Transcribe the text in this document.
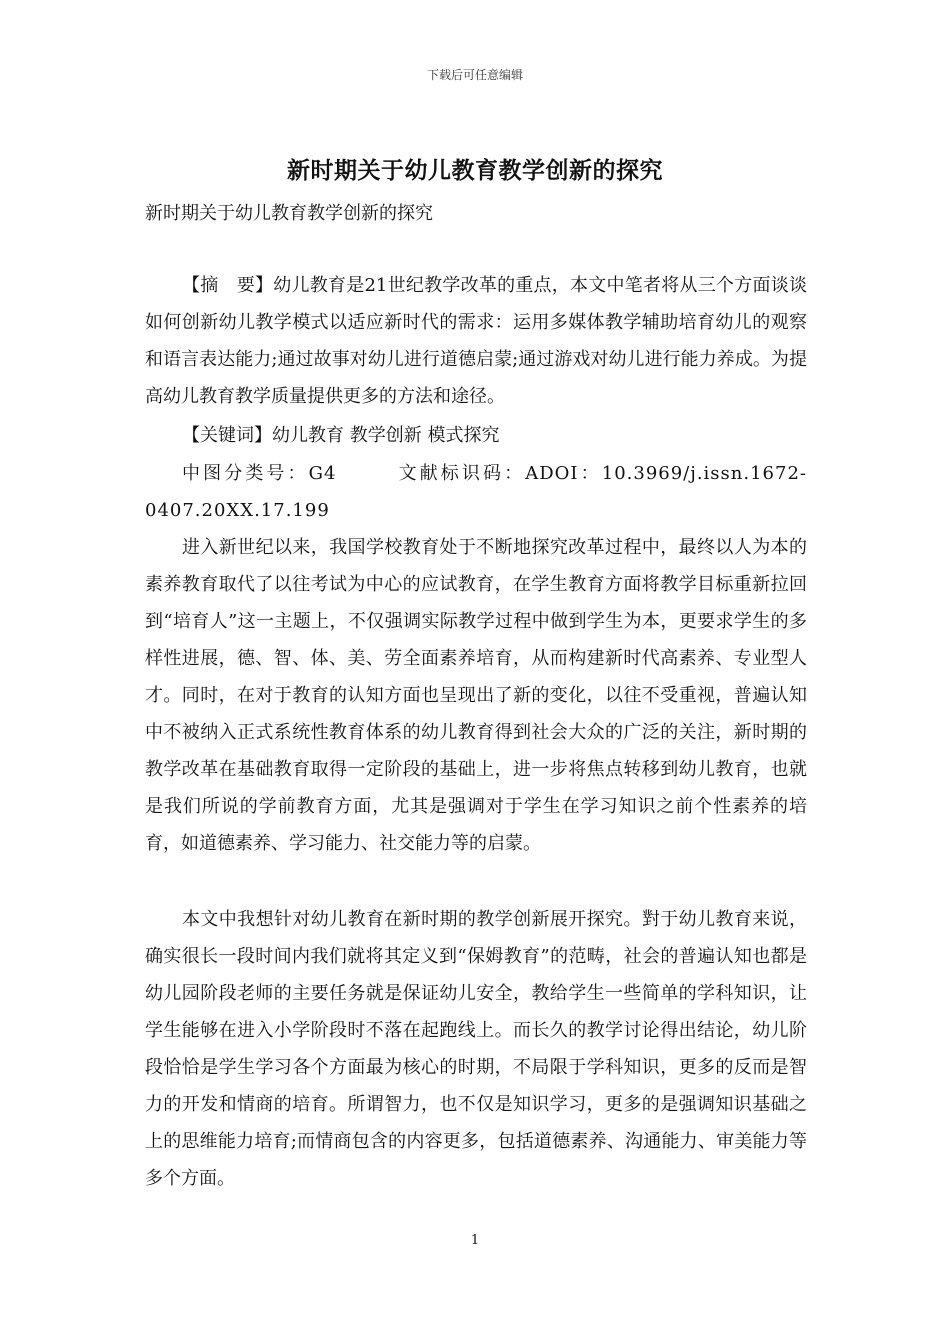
下载后可任意编辑
新时期关于幼儿教育教学创新的探究
新时期关于幼儿教育教学创新的探究

【摘　要】幼儿教育是21世纪教学改革的重点，本文中笔者将从三个方面谈谈如何创新幼儿教学模式以适应新时代的需求：运用多媒体教学辅助培育幼儿的观察和语言表达能力;通过故事对幼儿进行道德启蒙;通过游戏对幼儿进行能力养成。为提高幼儿教育教学质量提供更多的方法和途径。

【关键词】幼儿教育 教学创新 模式探究

中图分类号：G4	文献标识码：ADOI：10.3969/j.issn.1672-0407.20XX.17.199

进入新世纪以来，我国学校教育处于不断地探究改革过程中，最终以人为本的素养教育取代了以往考试为中心的应试教育，在学生教育方面将教学目标重新拉回到“培育人”这一主题上，不仅强调实际教学过程中做到学生为本，更要求学生的多样性进展，德、智、体、美、劳全面素养培育，从而构建新时代高素养、专业型人才。同时，在对于教育的认知方面也呈现出了新的变化，以往不受重视，普遍认知中不被纳入正式系统性教育体系的幼儿教育得到社会大众的广泛的关注，新时期的教学改革在基础教育取得一定阶段的基础上，进一步将焦点转移到幼儿教育，也就是我们所说的学前教育方面，尤其是强调对于学生在学习知识之前个性素养的培育，如道德素养、学习能力、社交能力等的启蒙。

本文中我想针对幼儿教育在新时期的教学创新展开探究。對于幼儿教育来说，确实很长一段时间内我们就将其定义到“保姆教育”的范畴，社会的普遍认知也都是幼儿园阶段老师的主要任务就是保证幼儿安全，教给学生一些简单的学科知识，让学生能够在进入小学阶段时不落在起跑线上。而长久的教学讨论得出结论，幼儿阶段恰恰是学生学习各个方面最为核心的时期，不局限于学科知识，更多的反而是智力的开发和情商的培育。所谓智力，也不仅是知识学习，更多的是强调知识基础之上的思维能力培育;而情商包含的内容更多，包括道德素养、沟通能力、审美能力等多个方面。

1
